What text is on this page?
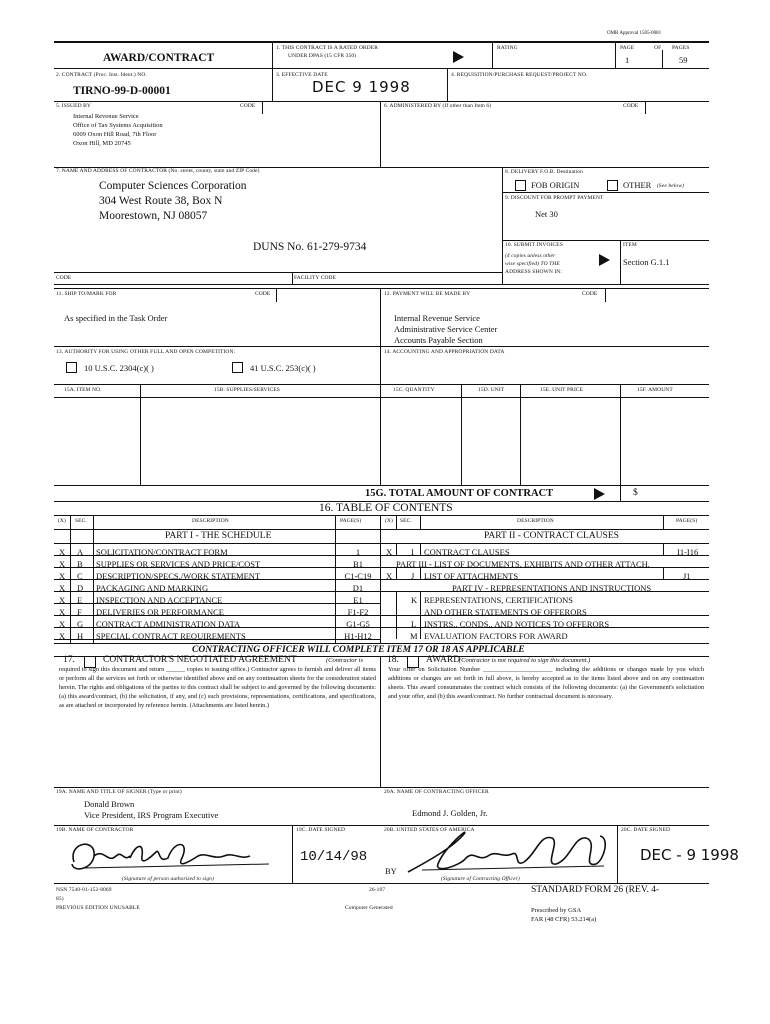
OMB Approval 1505-0081
AWARD/CONTRACT
1. THIS CONTRACT IS A RATED ORDER
UNDER DPAS (15 CFR 350)
RATING	PAGE	OF PAGES
1	59
2. CONTRACT (Proc. Inst. Ident.) NO.
TIRNO-99-D-00001
3. EFFECTIVE DATE
DEC 9 1998
4. REQUISITION/PURCHASE REQUEST/PROJECT NO.
5. ISSUED BY	CODE
Internal Revenue Service
Office of Tax Systems Acquisition
6009 Oxon Hill Road, 7th Floor
Oxon Hill, MD 20745
6. ADMINISTERED BY (If other than Item 6)	CODE
7. NAME AND ADDRESS OF CONTRACTOR (No. street, county, state and ZIP Code)
Computer Sciences Corporation
304 West Route 38, Box N
Moorestown, NJ 08057
DUNS No. 61-279-9734
CODE	FACILITY CODE
8. DELIVERY F.O.B. Destination
FOB ORIGIN	OTHER (See below)
9. DISCOUNT FOR PROMPT PAYMENT
Net 30
10. SUBMIT INVOICES
(4 copies unless other
wise specified) TO THE
ADDRESS SHOWN IN:
ITEM
Section G.1.1
11. SHIP TO/MARK FOR	CODE
As specified in the Task Order
12. PAYMENT WILL BE MADE BY	CODE
Internal Revenue Service
Administrative Service Center
Accounts Payable Section
13. AUTHORITY FOR USING OTHER FULL AND OPEN COMPETITION:
10 U.S.C. 2304(c)( )	41 U.S.C. 253(c)( )
14. ACCOUNTING AND APPROPRIATION DATA
15A. ITEM NO.	15B. SUPPLIES/SERVICES	15C. QUANTITY	15D. UNIT	15E. UNIT PRICE	15F. AMOUNT
15G. TOTAL AMOUNT OF CONTRACT	$
16. TABLE OF CONTENTS
(X) SEC.	DESCRIPTION	PAGE(S)	(X) SEC.	DESCRIPTION	PAGE(S)
PART I - THE SCHEDULE	PART II - CONTRACT CLAUSES
X A SOLICITATION/CONTRACT FORM	1
X B SUPPLIES OR SERVICES AND PRICE/COST	B1
X C DESCRIPTION/SPECS./WORK STATEMENT	C1-C19
X D PACKAGING AND MARKING	D1
X E INSPECTION AND ACCEPTANCE	E1
X F DELIVERIES OR PERFORMANCE	F1-F2
X G CONTRACT ADMINISTRATION DATA	G1-G5
X H SPECIAL CONTRACT REQUIREMENTS	H1-H12
X I CONTRACT CLAUSES	I1-I16
PART III - LIST OF DOCUMENTS, EXHIBITS AND OTHER ATTACH.
X J LIST OF ATTACHMENTS	J1
PART IV - REPRESENTATIONS AND INSTRUCTIONS
K REPRESENTATIONS, CERTIFICATIONS
AND OTHER STATEMENTS OF OFFERORS
L INSTRS., CONDS., AND NOTICES TO OFFERORS
M EVALUATION FACTORS FOR AWARD
CONTRACTING OFFICER WILL COMPLETE ITEM 17 OR 18 AS APPLICABLE
17.	CONTRACTOR'S NEGOTIATED AGREEMENT	(Contractor is
required to sign this document and return ______ copies to issuing office.) Contractor agrees to furnish and deliver all items or perform all the services set forth or otherwise identified above and on any continuation sheets for the consideration stated herein. The rights and obligations of the parties to this contract shall be subject to and governed by the following documents: (a) this award/contract, (b) the solicitation, if any, and (c) such provisions, representations, certifications, and specifications, as are attached or incorporated by reference herein. (Attachments are listed herein.)
18.	AWARD
(Contractor is not required to sign this document.)
Your offer on Solicitation Number ______________________ including the additions or changes made by you which additions or changes are set forth in full above, is hereby accepted as to the items listed above and on any continuation sheets. This award consummates the contract which consists of the following documents: (a) the Government's solicitation and your offer, and (b) this award/contract. No further contractual document is necessary.
19A. NAME AND TITLE OF SIGNER (Type or print)
Donald Brown
Vice President, IRS Program Executive
20A. NAME OF CONTRACTING OFFICER
Edmond J. Golden, Jr.
19B. NAME OF CONTRACTOR	19C. DATE SIGNED
10/14/98
20B. UNITED STATES OF AMERICA
BY
20C. DATE SIGNED
DEC - 9 1998
(Signature of person authorized to sign)	(Signature of Contracting Officer)
NSN 7540-01-152-8069
85)
PREVIOUS EDITION UNUSABLE
26-107
Computer Generated
STANDARD FORM 26 (REV. 4-
Prescribed by GSA
FAR (48 CFR) 53.214(a)
